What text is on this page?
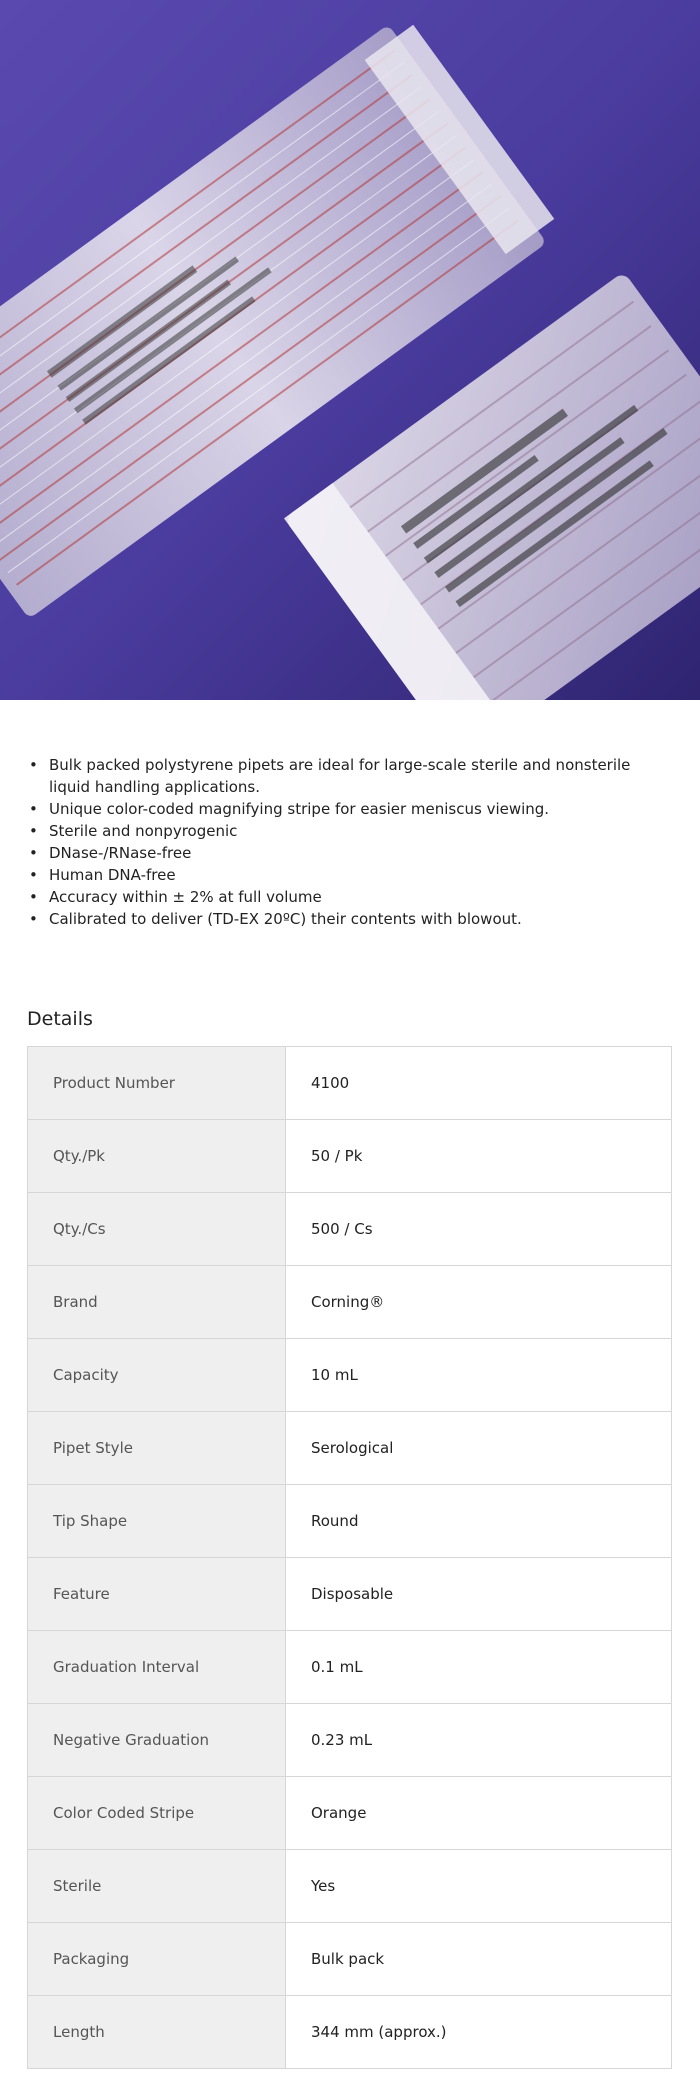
• Bulk packed polystyrene pipets are ideal for large-scale sterile and nonsterile liquid handling applications.
• Unique color-coded magnifying stripe for easier meniscus viewing.
• Sterile and nonpyrogenic
• DNase-/RNase-free
• Human DNA-free
• Accuracy within ± 2% at full volume
• Calibrated to deliver (TD-EX 20ºC) their contents with blowout.
Details
Product Number	4100
Qty./Pk	50 / Pk
Qty./Cs	500 / Cs
Brand	Corning®
Capacity	10 mL
Pipet Style	Serological
Tip Shape	Round
Feature	Disposable
Graduation Interval	0.1 mL
Negative Graduation	0.23 mL
Color Coded Stripe	Orange
Sterile	Yes
Packaging	Bulk pack
Length	344 mm (approx.)
